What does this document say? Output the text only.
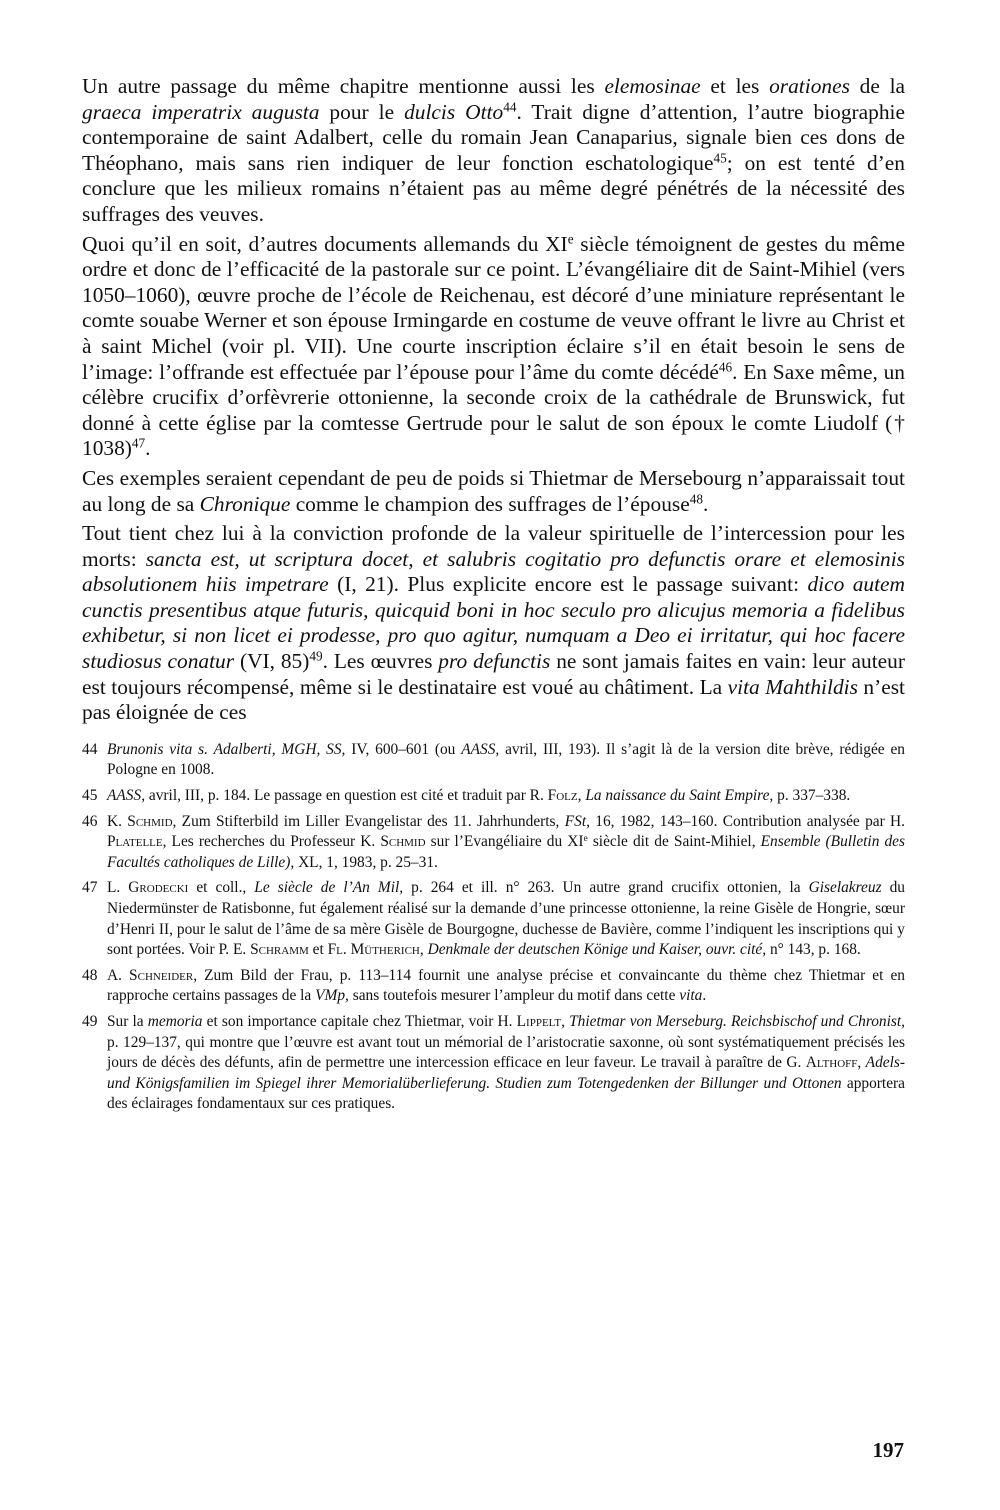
Un autre passage du même chapitre mentionne aussi les elemosinae et les orationes de la graeca imperatrix augusta pour le dulcis Otto$^{44}$. Trait digne d’attention, l’autre biographie contemporaine de saint Adalbert, celle du romain Jean Canaparius, signale bien ces dons de Théophano, mais sans rien indiquer de leur fonction eschatologique$^{45}$; on est tenté d’en conclure que les milieux romains n’étaient pas au même degré pénétrés de la nécessité des suffrages des veuves.

Quoi qu’il en soit, d’autres documents allemands du XIe siècle témoignent de gestes du même ordre et donc de l’efficacité de la pastorale sur ce point. L’évangéliaire dit de Saint-Mihiel (vers 1050–1060), œuvre proche de l’école de Reichenau, est décoré d’une miniature représentant le comte souabe Werner et son épouse Irmingarde en costume de veuve offrant le livre au Christ et à saint Michel (voir pl. VII). Une courte inscription éclaire s’il en était besoin le sens de l’image: l’offrande est effectuée par l’épouse pour l’âme du comte décédé$^{46}$. En Saxe même, un célèbre crucifix d’orfèvrerie ottonienne, la seconde croix de la cathédrale de Brunswick, fut donné à cette église par la comtesse Gertrude pour le salut de son époux le comte Liudolf († 1038)$^{47}$.

Ces exemples seraient cependant de peu de poids si Thietmar de Mersebourg n’apparaissait tout au long de sa Chronique comme le champion des suffrages de l’épouse$^{48}$.

Tout tient chez lui à la conviction profonde de la valeur spirituelle de l’intercession pour les morts: sancta est, ut scriptura docet, et salubris cogitatio pro defunctis orare et elemosinis absolutionem hiis impetrare (I, 21). Plus explicite encore est le passage suivant: dico autem cunctis presentibus atque futuris, quicquid boni in hoc seculo pro alicujus memoria a fidelibus exhibetur, si non licet ei prodesse, pro quo agitur, numquam a Deo ei irritatur, qui hoc facere studiosus conatur (VI, 85)$^{49}$. Les œuvres pro defunctis ne sont jamais faites en vain: leur auteur est toujours récompensé, même si le destinataire est voué au châtiment. La vita Mahthildis n’est pas éloignée de ces

44 Brunonis vita s. Adalberti, MGH, SS, IV, 600–601 (ou AASS, avril, III, 193). Il s’agit là de la version dite brève, rédigée en Pologne en 1008.
45 AASS, avril, III, p. 184. Le passage en question est cité et traduit par R. Folz, La naissance du Saint Empire, p. 337–338.
46 K. Schmid, Zum Stifterbild im Liller Evangelistar des 11. Jahrhunderts, FSt, 16, 1982, 143–160. Contribution analysée par H. Platelle, Les recherches du Professeur K. Schmid sur l’Evangéliaire du XIe siècle dit de Saint-Mihiel, Ensemble (Bulletin des Facultés catholiques de Lille), XL, 1, 1983, p. 25–31.
47 L. Grodecki et coll., Le siècle de l’An Mil, p. 264 et ill. n° 263. Un autre grand crucifix ottonien, la Giselakreuz du Niedermünster de Ratisbonne, fut également réalisé sur la demande d’une princesse ottonienne, la reine Gisèle de Hongrie, sœur d’Henri II, pour le salut de l’âme de sa mère Gisèle de Bourgogne, duchesse de Bavière, comme l’indiquent les inscriptions qui y sont portées. Voir P. E. Schramm et Fl. Mütherich, Denkmale der deutschen Könige und Kaiser, ouvr. cité, n° 143, p. 168.
48 A. Schneider, Zum Bild der Frau, p. 113–114 fournit une analyse précise et convaincante du thème chez Thietmar et en rapproche certains passages de la VMp, sans toutefois mesurer l’ampleur du motif dans cette vita.
49 Sur la memoria et son importance capitale chez Thietmar, voir H. Lippelt, Thietmar von Merseburg. Reichsbischof und Chronist, p. 129–137, qui montre que l’œuvre est avant tout un mémorial de l’aristocratie saxonne, où sont systématiquement précisés les jours de décès des défunts, afin de permettre une intercession efficace en leur faveur. Le travail à paraître de G. Althoff, Adels- und Königsfamilien im Spiegel ihrer Memorialüberlieferung. Studien zum Totengedenken der Billunger und Ottonen apportera des éclairages fondamentaux sur ces pratiques.
197
